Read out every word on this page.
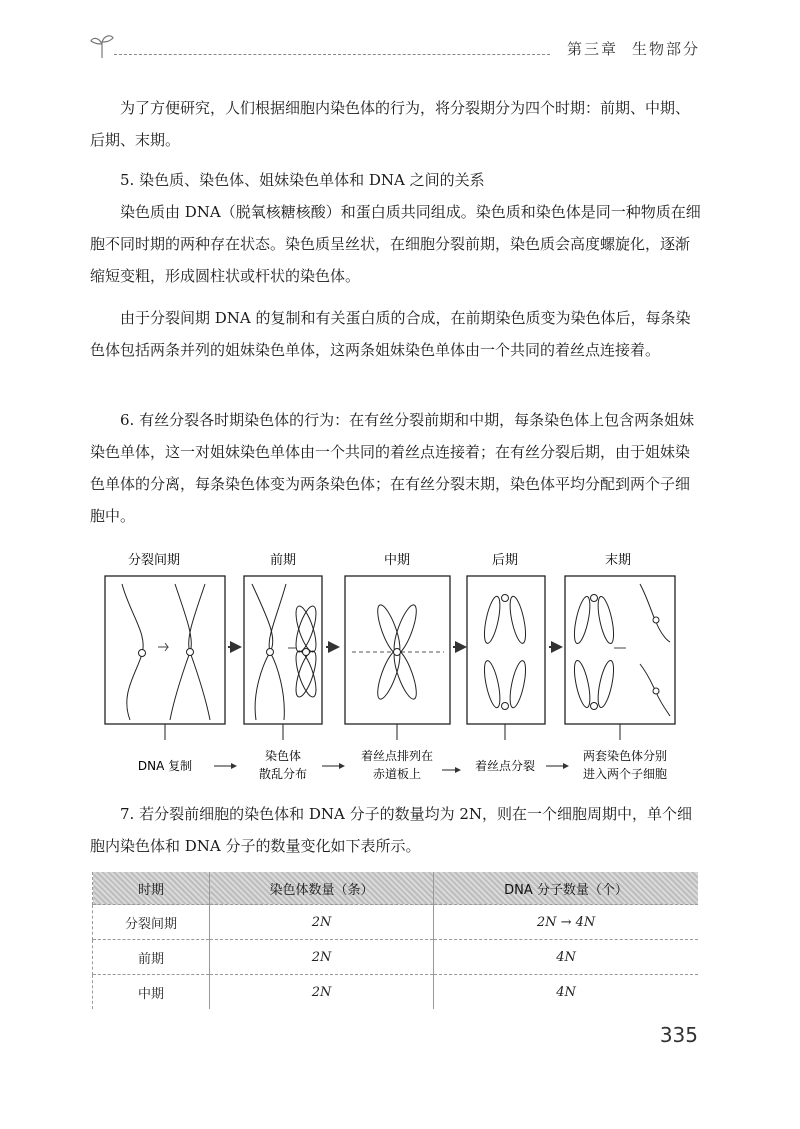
第三章 生物部分

为了方便研究，人们根据细胞内染色体的行为，将分裂期分为四个时期：前期、中期、后期、末期。

5. 染色质、染色体、姐妹染色单体和 DNA 之间的关系

染色质由 DNA（脱氧核糖核酸）和蛋白质共同组成。染色质和染色体是同一种物质在细胞不同时期的两种存在状态。染色质呈丝状，在细胞分裂前期，染色质会高度螺旋化，逐渐缩短变粗，形成圆柱状或杆状的染色体。

由于分裂间期 DNA 的复制和有关蛋白质的合成，在前期染色质变为染色体后，每条染色体包括两条并列的姐妹染色单体，这两条姐妹染色单体由一个共同的着丝点连接着。

6. 有丝分裂各时期染色体的行为：在有丝分裂前期和中期，每条染色体上包含两条姐妹染色单体，这一对姐妹染色单体由一个共同的着丝点连接着；在有丝分裂后期，由于姐妹染色单体的分离，每条染色体变为两条染色体；在有丝分裂末期，染色体平均分配到两个子细胞中。

分裂间期	前期	中期	后期	末期
DNA 复制
染色体
散乱分布
着丝点排列在
赤道板上
着丝点分裂
两套染色体分别
进入两个子细胞

7. 若分裂前细胞的染色体和 DNA 分子的数量均为 2N，则在一个细胞周期中，单个细胞内染色体和 DNA 分子的数量变化如下表所示。

时期	染色体数量（条）	DNA 分子数量（个）
分裂间期	2N	2N → 4N
前期	2N	4N
中期	2N	4N
335
